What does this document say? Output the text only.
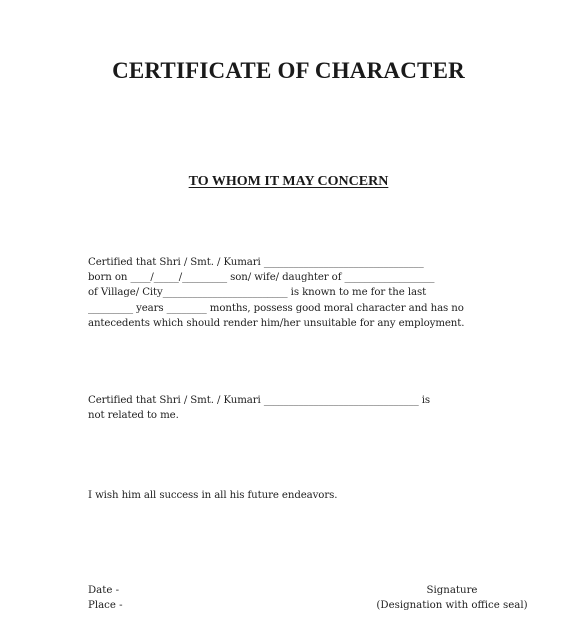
CERTIFICATE OF CHARACTER
TO WHOM IT MAY CONCERN

Certified that Shri / Smt. / Kumari ________________________________
born on ____/_____/_________ son/ wife/ daughter of __________________
of Village/ City_________________________ is known to me for the last
_________ years ________ months, possess good moral character and has no
antecedents which should render him/her unsuitable for any employment.

Certified that Shri / Smt. / Kumari _______________________________ is
not related to me.

I wish him all success in all his future endeavors.

Date -
Place -
Signature
(Designation with office seal)
